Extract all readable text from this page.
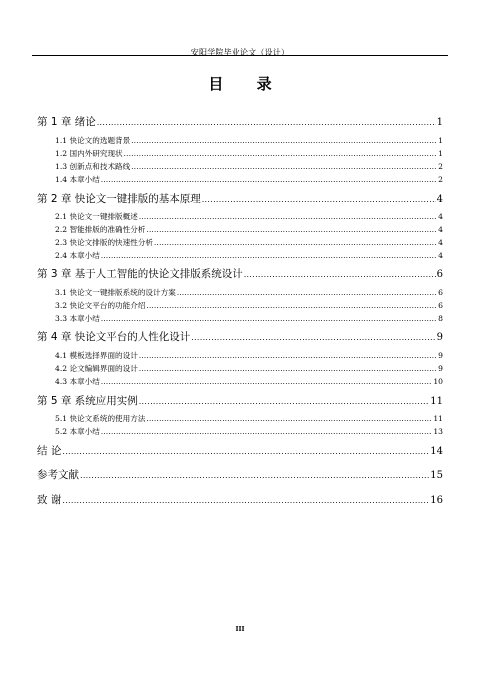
安阳学院毕业论文（设计）
目 录
第 1 章 绪论 .....	1
1.1 快论文的选题背景 .....	1
1.2 国内外研究现状 .....	1
1.3 创新点和技术路线 .....	2
1.4 本章小结 .....	2
第 2 章 快论文一键排版的基本原理 .....	4
2.1 快论文一键排版概述 .....	4
2.2 智能排版的准确性分析 .....	4
2.3 快论文排版的快速性分析 .....	4
2.4 本章小结 .....	4
第 3 章 基于人工智能的快论文排版系统设计 .....	6
3.1 快论文一键排版系统的设计方案 .....	6
3.2 快论文平台的功能介绍 .....	6
3.3 本章小结 .....	8
第 4 章 快论文平台的人性化设计 .....	9
4.1 模板选择界面的设计 .....	9
4.2 论文编辑界面的设计 .....	9
4.3 本章小结 .....	10
第 5 章 系统应用实例 .....	11
5.1 快论文系统的使用方法 .....	11
5.2 本章小结 .....	13
结 论 .....	14
参考文献 .....	15
致 谢 .....	16
III
